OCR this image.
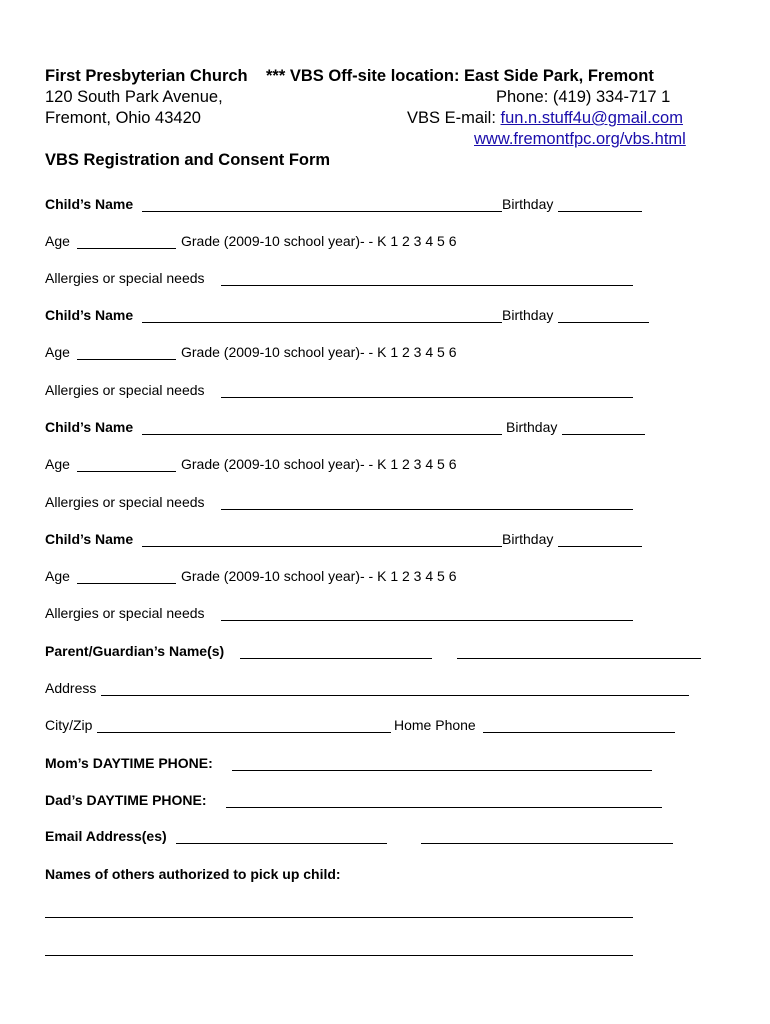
First Presbyterian Church *** VBS Off-site location: East Side Park, Fremont
120 South Park Avenue,	Phone: (419) 334-717 1
Fremont, Ohio 43420	VBS E-mail: fun.n.stuff4u@gmail.com
www.fremontfpc.org/vbs.html
VBS Registration and Consent Form
Child’s Name	Birthday
Age	Grade (2009-10 school year)- - K 1 2 3 4 5 6
Allergies or special needs
Child’s Name	Birthday
Age	Grade (2009-10 school year)- - K 1 2 3 4 5 6
Allergies or special needs
Child’s Name	Birthday
Age	Grade (2009-10 school year)- - K 1 2 3 4 5 6
Allergies or special needs
Child’s Name	Birthday
Age	Grade (2009-10 school year)- - K 1 2 3 4 5 6
Allergies or special needs
Parent/Guardian’s Name(s)
Address
City/Zip	Home Phone
Mom’s DAYTIME PHONE:
Dad’s DAYTIME PHONE:
Email Address(es)
Names of others authorized to pick up child:
